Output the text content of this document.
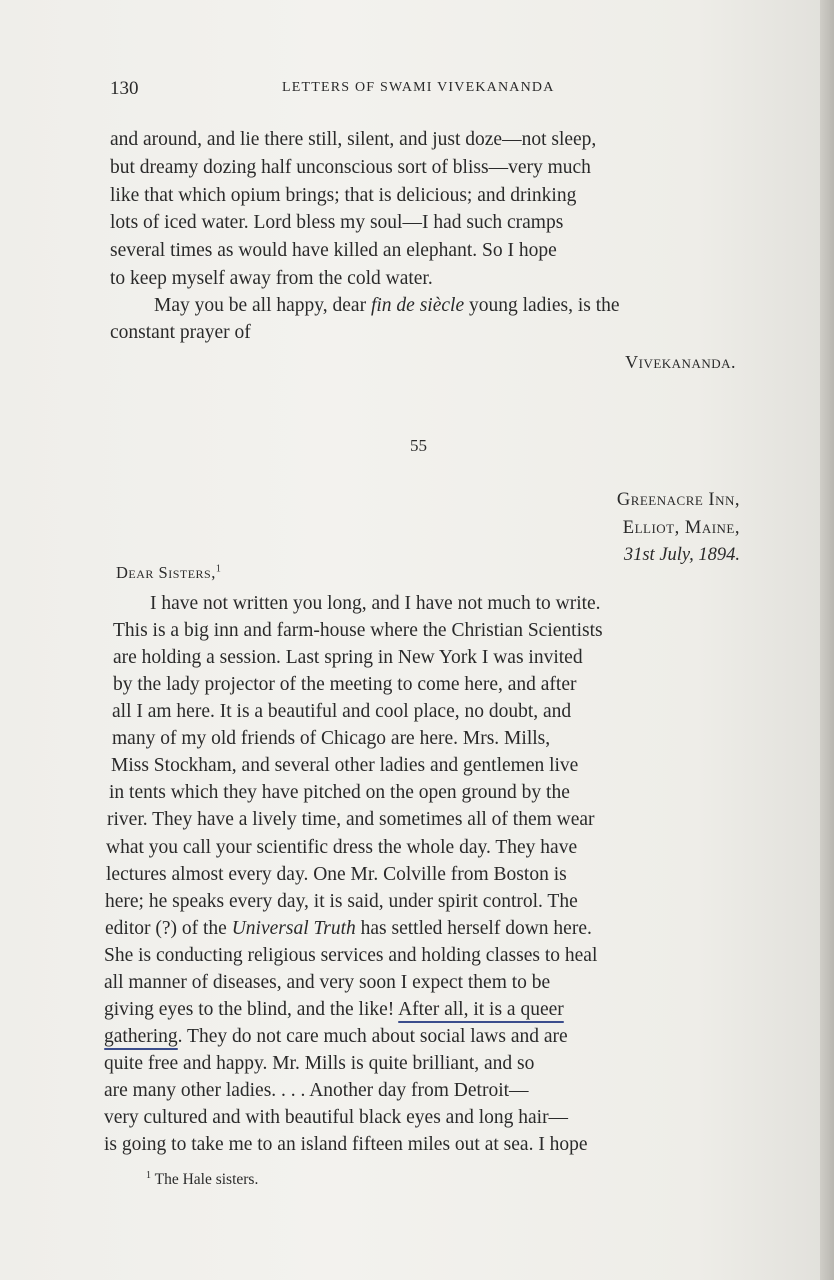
130	LETTERS OF SWAMI VIVEKANANDA
and around, and lie there still, silent, and just doze—not sleep,
but dreamy dozing half unconscious sort of bliss—very much
like that which opium brings; that is delicious; and drinking
lots of iced water. Lord bless my soul—I had such cramps
several times as would have killed an elephant. So I hope
to keep myself away from the cold water.
May you be all happy, dear fin de siècle young ladies, is the
constant prayer of
Vivekananda.
55
Greenacre Inn,
Elliot, Maine,
31st July, 1894.
Dear Sisters,$^1$
I have not written you long, and I have not much to write.
This is a big inn and farm-house where the Christian Scientists
are holding a session. Last spring in New York I was invited
by the lady projector of the meeting to come here, and after
all I am here. It is a beautiful and cool place, no doubt, and
many of my old friends of Chicago are here. Mrs. Mills,
Miss Stockham, and several other ladies and gentlemen live
in tents which they have pitched on the open ground by the
river. They have a lively time, and sometimes all of them wear
what you call your scientific dress the whole day. They have
lectures almost every day. One Mr. Colville from Boston is
here; he speaks every day, it is said, under spirit control. The
editor (?) of the Universal Truth has settled herself down here.
She is conducting religious services and holding classes to heal
all manner of diseases, and very soon I expect them to be
giving eyes to the blind, and the like! After all, it is a queer
gathering. They do not care much about social laws and are
quite free and happy. Mr. Mills is quite brilliant, and so
are many other ladies. . . . Another day from Detroit—
very cultured and with beautiful black eyes and long hair—
is going to take me to an island fifteen miles out at sea. I hope
$^1$ The Hale sisters.
